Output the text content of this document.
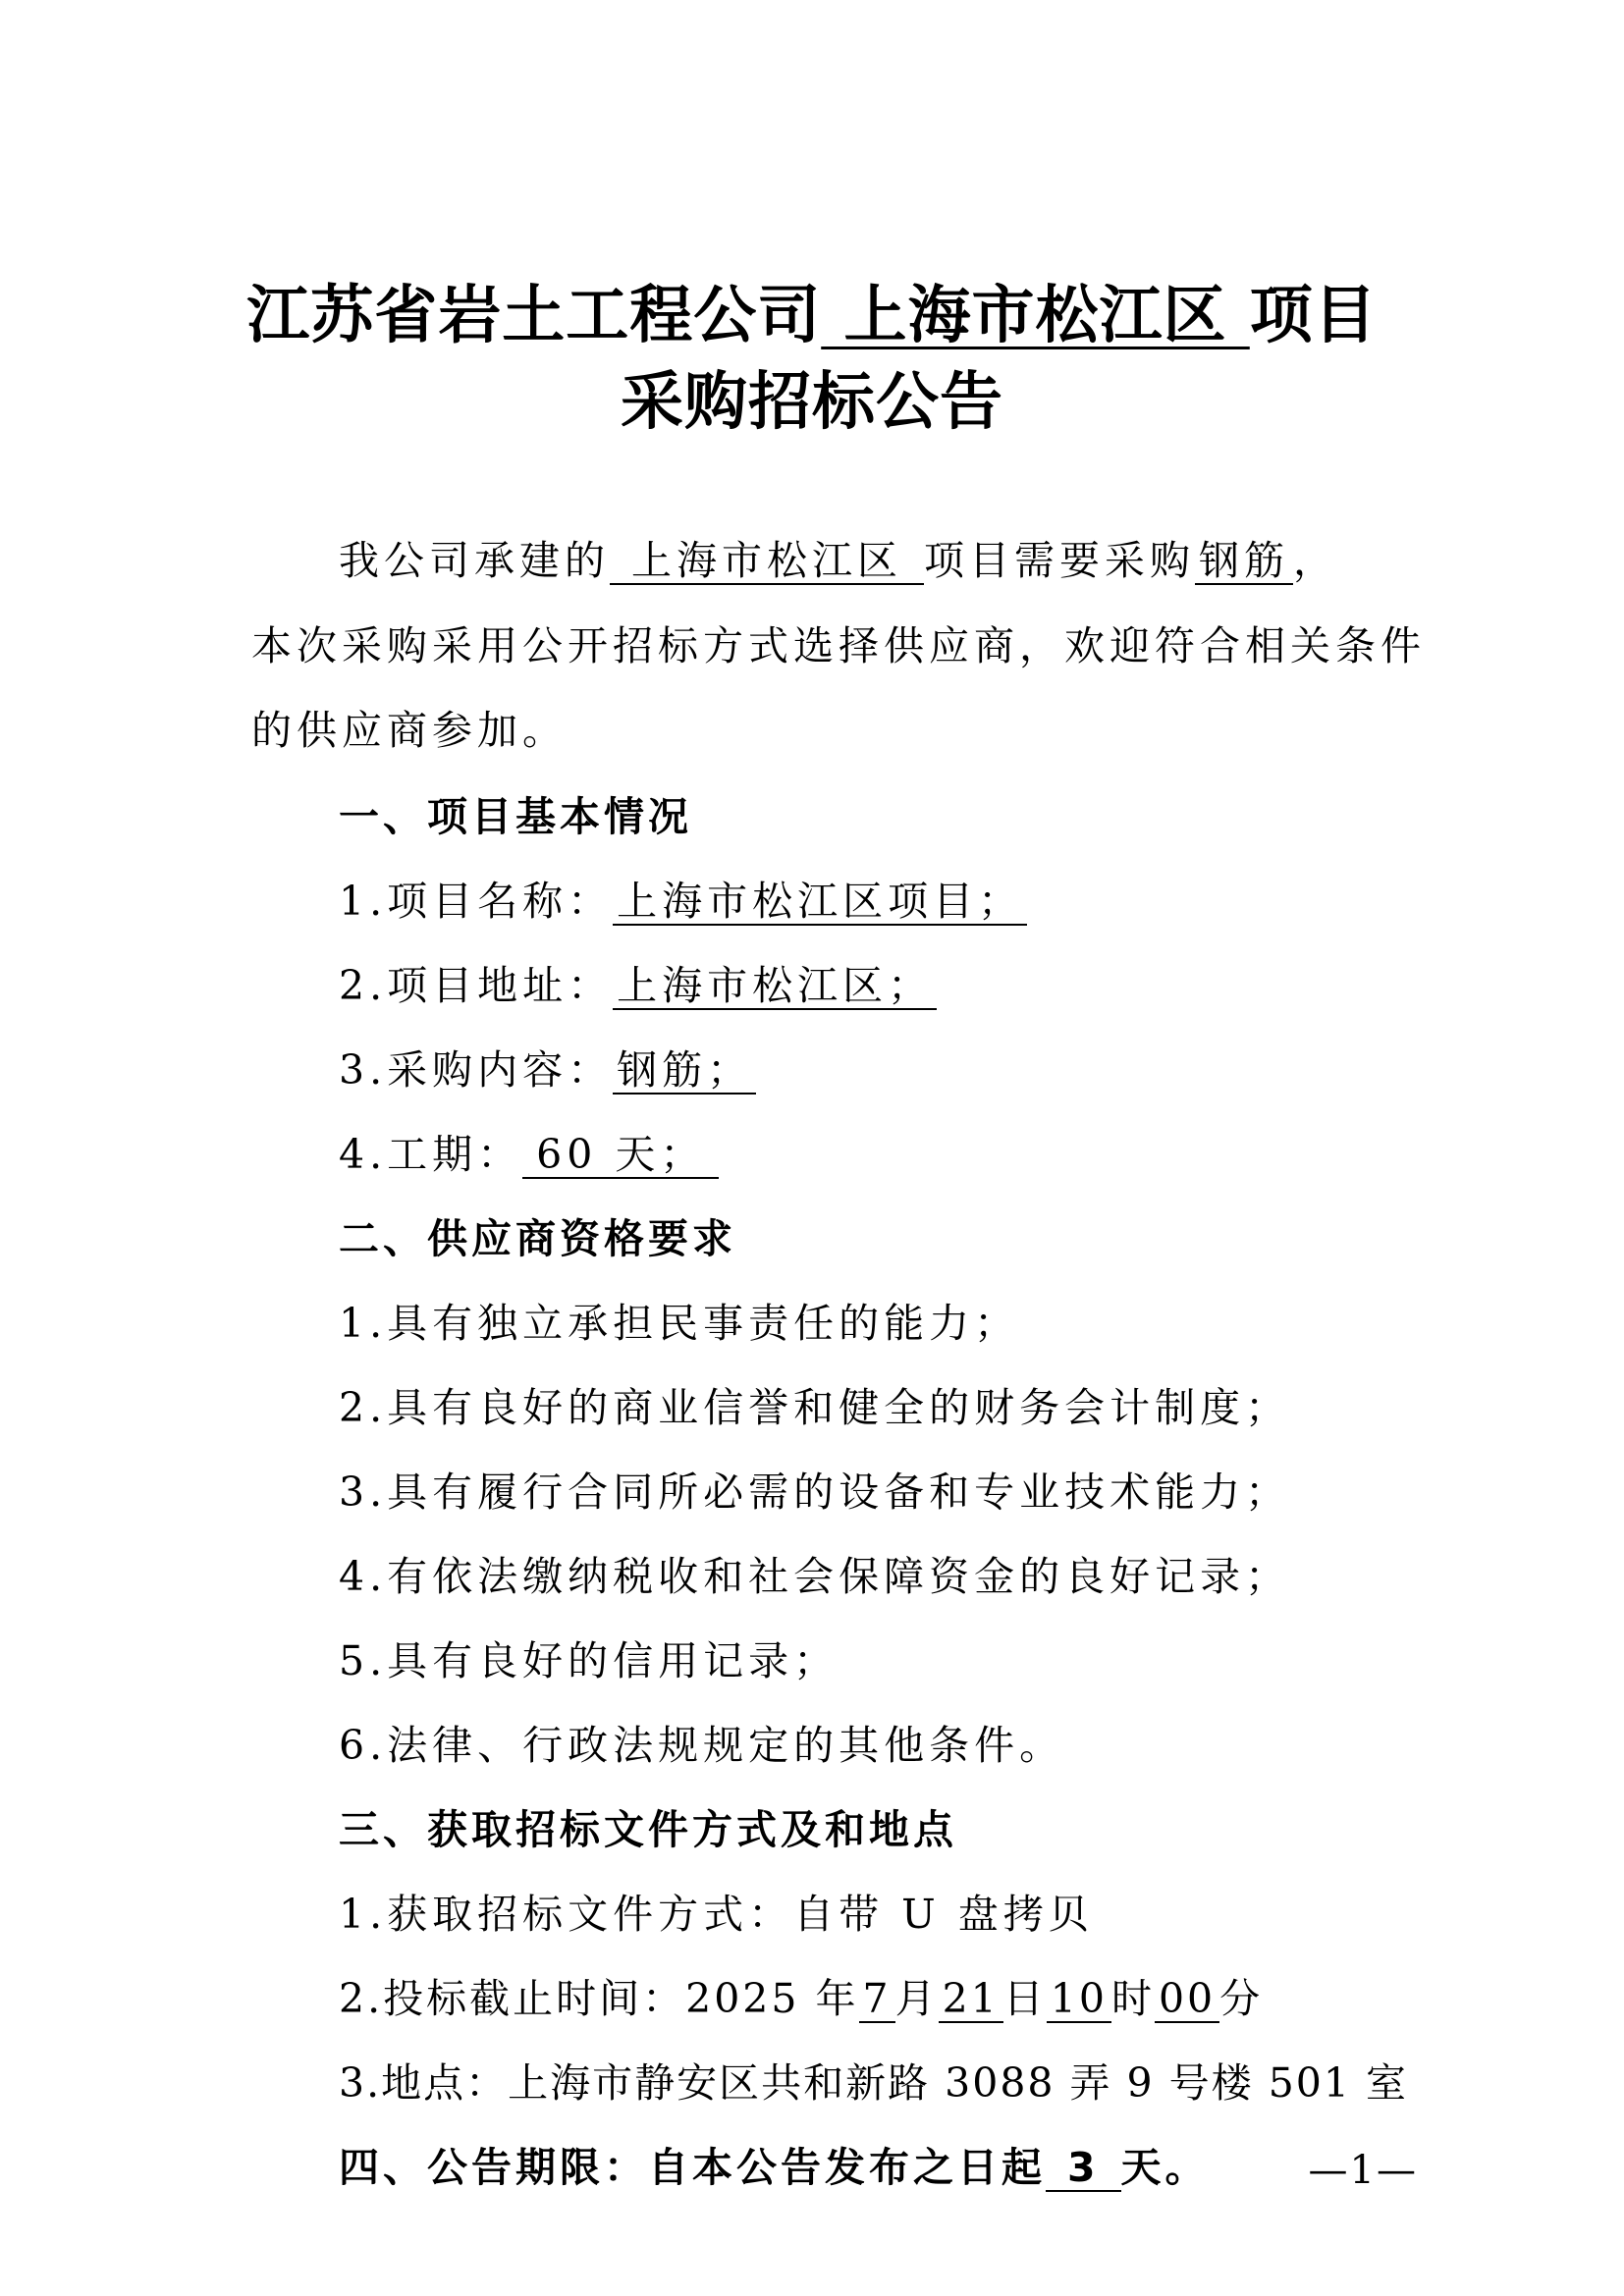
江苏省岩土工程公司 上海市松江区 项目
采购招标公告
我公司承建的 上海市松江区 项目需要采购钢筋，
本次采购采用公开招标方式选择供应商，欢迎符合相关条件
的供应商参加。
一、项目基本情况
1.项目名称：上海市松江区项目；
2.项目地址：上海市松江区；
3.采购内容：钢筋；
4.工期： 60 天；
二、供应商资格要求
1.具有独立承担民事责任的能力；
2.具有良好的商业信誉和健全的财务会计制度；
3.具有履行合同所必需的设备和专业技术能力；
4.有依法缴纳税收和社会保障资金的良好记录；
5.具有良好的信用记录；
6.法律、行政法规规定的其他条件。
三、获取招标文件方式及和地点
1.获取招标文件方式：自带 U 盘拷贝
2.投标截止时间：2025 年7月21日10时00分
3.地点：上海市静安区共和新路 3088 弄 9 号楼 501 室
四、公告期限：自本公告发布之日起 3 天。	—1—
